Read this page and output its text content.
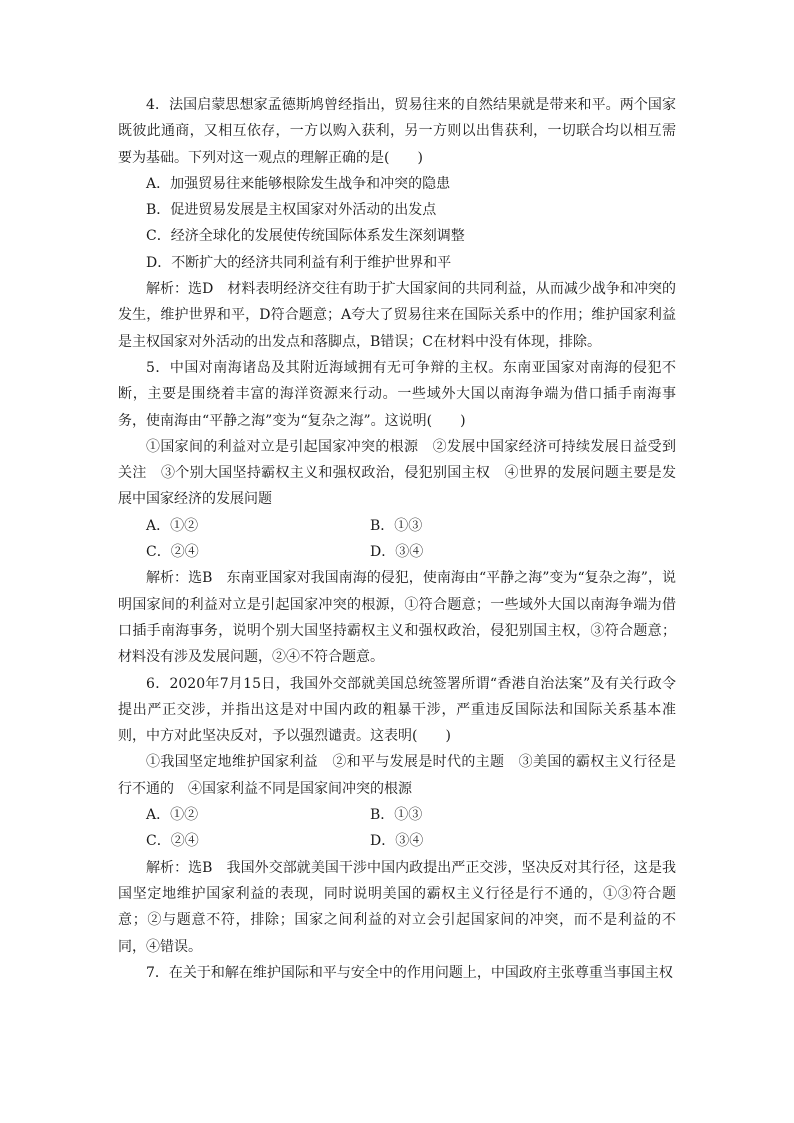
4．法国启蒙思想家孟德斯鸠曾经指出，贸易往来的自然结果就是带来和平。两个国家既彼此通商，又相互依存，一方以购入获利，另一方则以出售获利，一切联合均以相互需要为基础。下列对这一观点的理解正确的是(　　)

A．加强贸易往来能够根除发生战争和冲突的隐患

B．促进贸易发展是主权国家对外活动的出发点

C．经济全球化的发展使传统国际体系发生深刻调整

D．不断扩大的经济共同利益有利于维护世界和平

解析：选D　材料表明经济交往有助于扩大国家间的共同利益，从而减少战争和冲突的发生，维护世界和平，D符合题意；A夸大了贸易往来在国际关系中的作用；维护国家利益是主权国家对外活动的出发点和落脚点，B错误；C在材料中没有体现，排除。

5．中国对南海诸岛及其附近海域拥有无可争辩的主权。东南亚国家对南海的侵犯不断，主要是围绕着丰富的海洋资源来行动。一些域外大国以南海争端为借口插手南海事务，使南海由“平静之海”变为“复杂之海”。这说明(　　)

①国家间的利益对立是引起国家冲突的根源　②发展中国家经济可持续发展日益受到关注　③个别大国坚持霸权主义和强权政治，侵犯别国主权　④世界的发展问题主要是发展中国家经济的发展问题

A．①②	B．①③
C．②④	D．③④

解析：选B　东南亚国家对我国南海的侵犯，使南海由“平静之海”变为“复杂之海”，说明国家间的利益对立是引起国家冲突的根源，①符合题意；一些域外大国以南海争端为借口插手南海事务，说明个别大国坚持霸权主义和强权政治，侵犯别国主权，③符合题意；材料没有涉及发展问题，②④不符合题意。

6．2020年7月15日，我国外交部就美国总统签署所谓“香港自治法案”及有关行政令提出严正交涉，并指出这是对中国内政的粗暴干涉，严重违反国际法和国际关系基本准则，中方对此坚决反对，予以强烈谴责。这表明(　　)

①我国坚定地维护国家利益　②和平与发展是时代的主题　③美国的霸权主义行径是行不通的　④国家利益不同是国家间冲突的根源

A．①②	B．①③
C．②④	D．③④

解析：选B　我国外交部就美国干涉中国内政提出严正交涉，坚决反对其行径，这是我国坚定地维护国家利益的表现，同时说明美国的霸权主义行径是行不通的，①③符合题意；②与题意不符，排除；国家之间利益的对立会引起国家间的冲突，而不是利益的不同，④错误。

7．在关于和解在维护国际和平与安全中的作用问题上，中国政府主张尊重当事国主权
